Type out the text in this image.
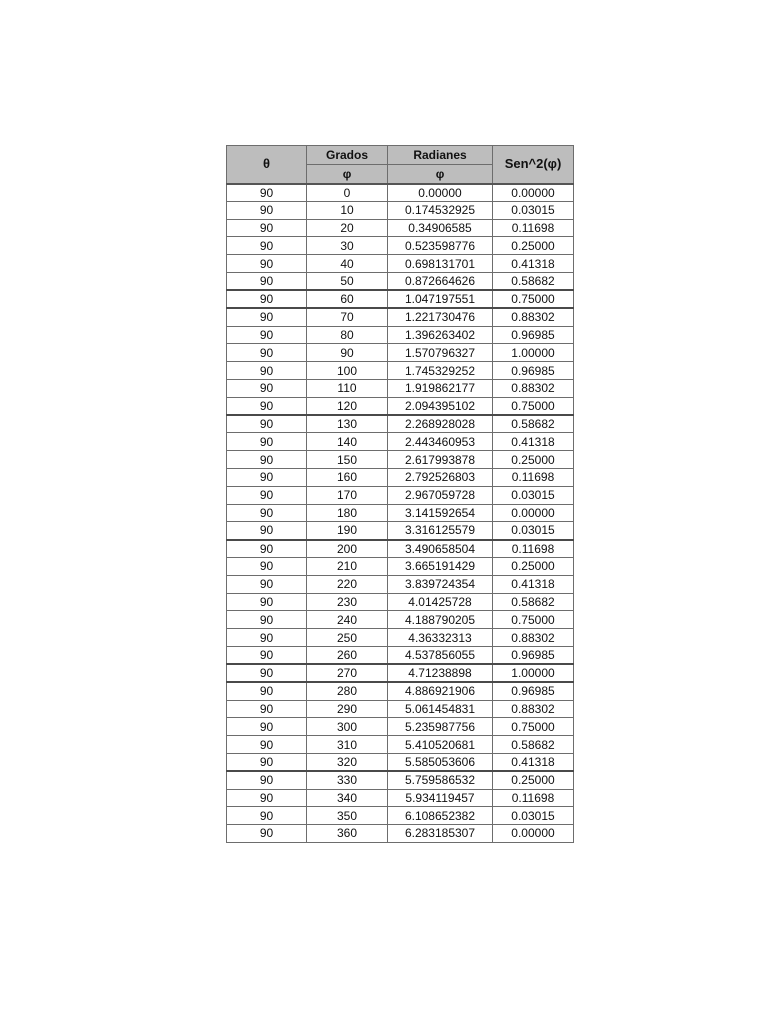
θ	Grados	Radianes	Sen^2(φ)
	φ	φ	
90	0	0.00000	0.00000
90	10	0.174532925	0.03015
90	20	0.34906585	0.11698
90	30	0.523598776	0.25000
90	40	0.698131701	0.41318
90	50	0.872664626	0.58682
90	60	1.047197551	0.75000
90	70	1.221730476	0.88302
90	80	1.396263402	0.96985
90	90	1.570796327	1.00000
90	100	1.745329252	0.96985
90	110	1.919862177	0.88302
90	120	2.094395102	0.75000
90	130	2.268928028	0.58682
90	140	2.443460953	0.41318
90	150	2.617993878	0.25000
90	160	2.792526803	0.11698
90	170	2.967059728	0.03015
90	180	3.141592654	0.00000
90	190	3.316125579	0.03015
90	200	3.490658504	0.11698
90	210	3.665191429	0.25000
90	220	3.839724354	0.41318
90	230	4.01425728	0.58682
90	240	4.188790205	0.75000
90	250	4.36332313	0.88302
90	260	4.537856055	0.96985
90	270	4.71238898	1.00000
90	280	4.886921906	0.96985
90	290	5.061454831	0.88302
90	300	5.235987756	0.75000
90	310	5.410520681	0.58682
90	320	5.585053606	0.41318
90	330	5.759586532	0.25000
90	340	5.934119457	0.11698
90	350	6.108652382	0.03015
90	360	6.283185307	0.00000
